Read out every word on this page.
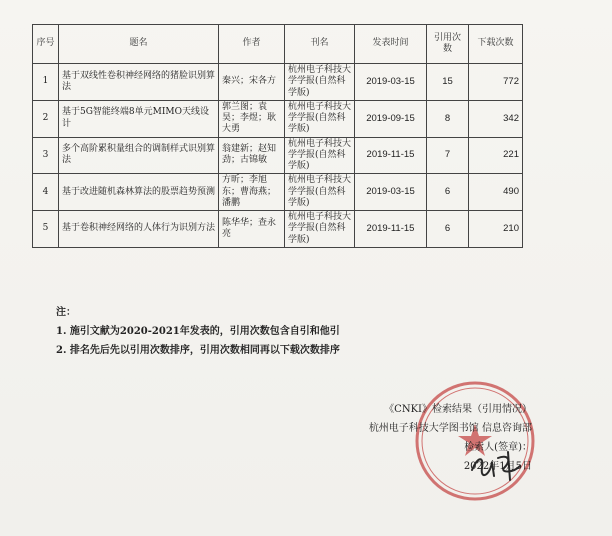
序号	题名	作者	刊名	发表时间	引用次数	下载次数
1	基于双线性卷积神经网络的猪脸识别算法	秦兴；宋各方	杭州电子科技大学学报(自然科学版)	2019-03-15	15	772
2	基于5G智能终端8单元MIMO天线设计	郭兰图；袁昊；李煜；耿大勇	杭州电子科技大学学报(自然科学版)	2019-09-15	8	342
3	多个高阶累积量组合的调制样式识别算法	翁建新；赵知劲；古锦敏	杭州电子科技大学学报(自然科学版)	2019-11-15	7	221
4	基于改进随机森林算法的股票趋势预测	方昕；李旭东；曹海燕；潘鹏	杭州电子科技大学学报(自然科学版)	2019-03-15	6	490
5	基于卷积神经网络的人体行为识别方法	陈华华；查永亮	杭州电子科技大学学报(自然科学版)	2019-11-15	6	210
注：
1. 施引文献为2020-2021年发表的，引用次数包含自引和他引
2. 排名先后先以引用次数排序，引用次数相同再以下载次数排序
《CNKI》检索结果（引用情况）
杭州电子科技大学图书馆 信息咨询部
检索人(签章)：
2022年1月5日
